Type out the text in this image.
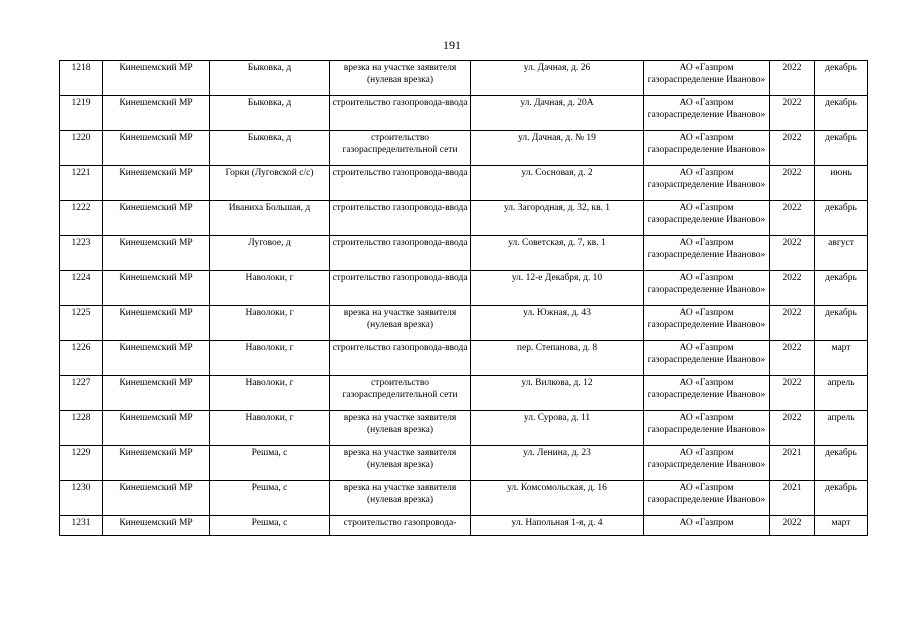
191
1218	Кинешемский МР	Быковка, д	врезка на участке заявителя (нулевая врезка)	ул. Дачная, д. 26	АО «Газпром газораспределение Иваново»	2022	декабрь
1219	Кинешемский МР	Быковка, д	строительство газопровода-ввода	ул. Дачная, д. 20А	АО «Газпром газораспределение Иваново»	2022	декабрь
1220	Кинешемский МР	Быковка, д	строительство газораспределительной сети	ул. Дачная, д. № 19	АО «Газпром газораспределение Иваново»	2022	декабрь
1221	Кинешемский МР	Горки (Луговской с/с)	строительство газопровода-ввода	ул. Сосновая, д. 2	АО «Газпром газораспределение Иваново»	2022	июнь
1222	Кинешемский МР	Иваниха Большая, д	строительство газопровода-ввода	ул. Загородная, д. 32, кв. 1	АО «Газпром газораспределение Иваново»	2022	декабрь
1223	Кинешемский МР	Луговое, д	строительство газопровода-ввода	ул. Советская, д. 7, кв. 1	АО «Газпром газораспределение Иваново»	2022	август
1224	Кинешемский МР	Наволоки, г	строительство газопровода-ввода	ул. 12-е Декабря, д. 10	АО «Газпром газораспределение Иваново»	2022	декабрь
1225	Кинешемский МР	Наволоки, г	врезка на участке заявителя (нулевая врезка)	ул. Южная, д. 43	АО «Газпром газораспределение Иваново»	2022	декабрь
1226	Кинешемский МР	Наволоки, г	строительство газопровода-ввода	пер. Степанова, д. 8	АО «Газпром газораспределение Иваново»	2022	март
1227	Кинешемский МР	Наволоки, г	строительство газораспределительной сети	ул. Вилкова, д. 12	АО «Газпром газораспределение Иваново»	2022	апрель
1228	Кинешемский МР	Наволоки, г	врезка на участке заявителя (нулевая врезка)	ул. Сурова, д. 11	АО «Газпром газораспределение Иваново»	2022	апрель
1229	Кинешемский МР	Решма, с	врезка на участке заявителя (нулевая врезка)	ул. Ленина, д. 23	АО «Газпром газораспределение Иваново»	2021	декабрь
1230	Кинешемский МР	Решма, с	врезка на участке заявителя (нулевая врезка)	ул. Комсомольская, д. 16	АО «Газпром газораспределение Иваново»	2021	декабрь
1231	Кинешемский МР	Решма, с	строительство газопровода-	ул. Напольная 1-я, д. 4	АО «Газпром	2022	март
